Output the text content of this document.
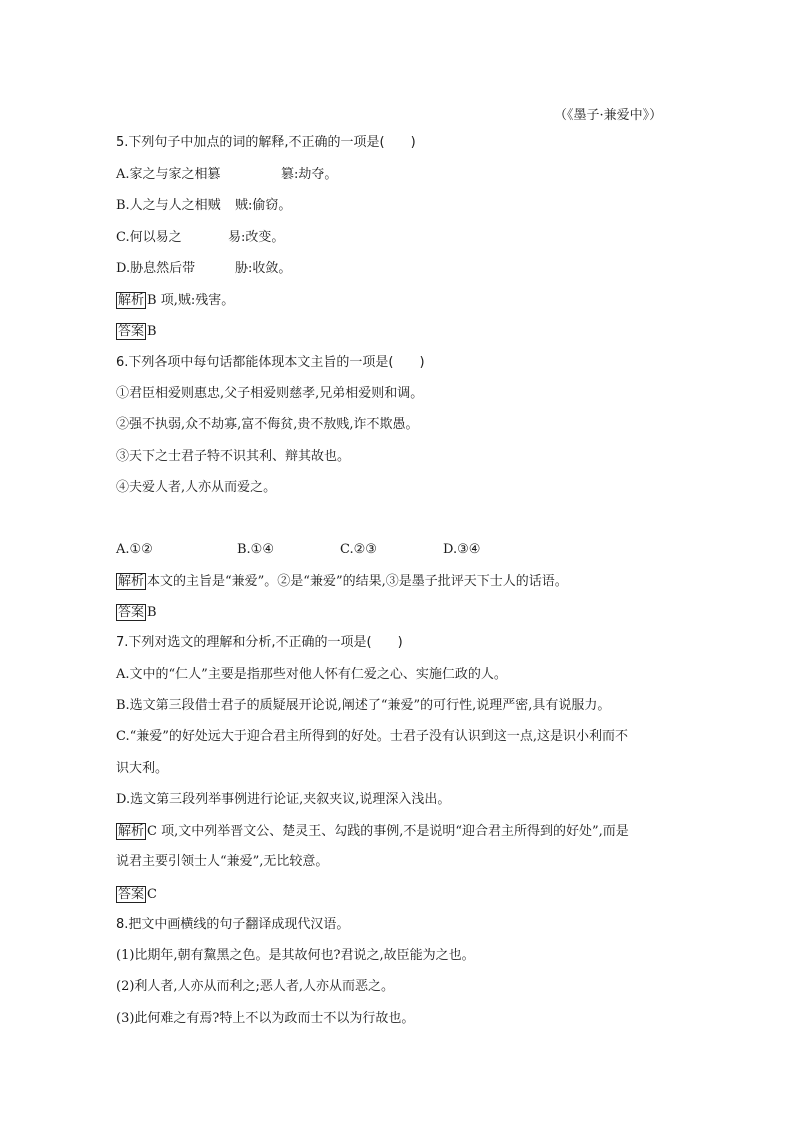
（《墨子·兼爱中》）
5.下列句子中加点的词的解释,不正确的一项是(　　)
A.家之与家之相篡	篡:劫夺。
B.人之与人之相贼 贼:偷窃。
C.何以易之	易:改变。
D.胁息然后带	胁:收敛。
解析 B 项,贼:残害。
答案 B
6.下列各项中每句话都能体现本文主旨的一项是(　　)
①君臣相爱则惠忠,父子相爱则慈孝,兄弟相爱则和调。
②强不执弱,众不劫寡,富不侮贫,贵不敖贱,诈不欺愚。
③天下之士君子特不识其利、辩其故也。
④夫爱人者,人亦从而爱之。
A.①②	B.①④	C.②③	D.③④
解析 本文的主旨是“兼爱”。②是“兼爱”的结果,③是墨子批评天下士人的话语。
答案 B
7.下列对选文的理解和分析,不正确的一项是(　　)
A.文中的“仁人”主要是指那些对他人怀有仁爱之心、实施仁政的人。
B.选文第三段借士君子的质疑展开论说,阐述了“兼爱”的可行性,说理严密,具有说服力。
C.“兼爱”的好处远大于迎合君主所得到的好处。士君子没有认识到这一点,这是识小利而不
识大利。
D.选文第三段列举事例进行论证,夹叙夹议,说理深入浅出。
解析 C 项,文中列举晋文公、楚灵王、勾践的事例,不是说明“迎合君主所得到的好处”,而是
说君主要引领士人“兼爱”,无比较意。
答案 C
8.把文中画横线的句子翻译成现代汉语。
(1)比期年,朝有黧黑之色。是其故何也?君说之,故臣能为之也。
(2)利人者,人亦从而利之;恶人者,人亦从而恶之。
(3)此何难之有焉?特上不以为政而士不以为行故也。
